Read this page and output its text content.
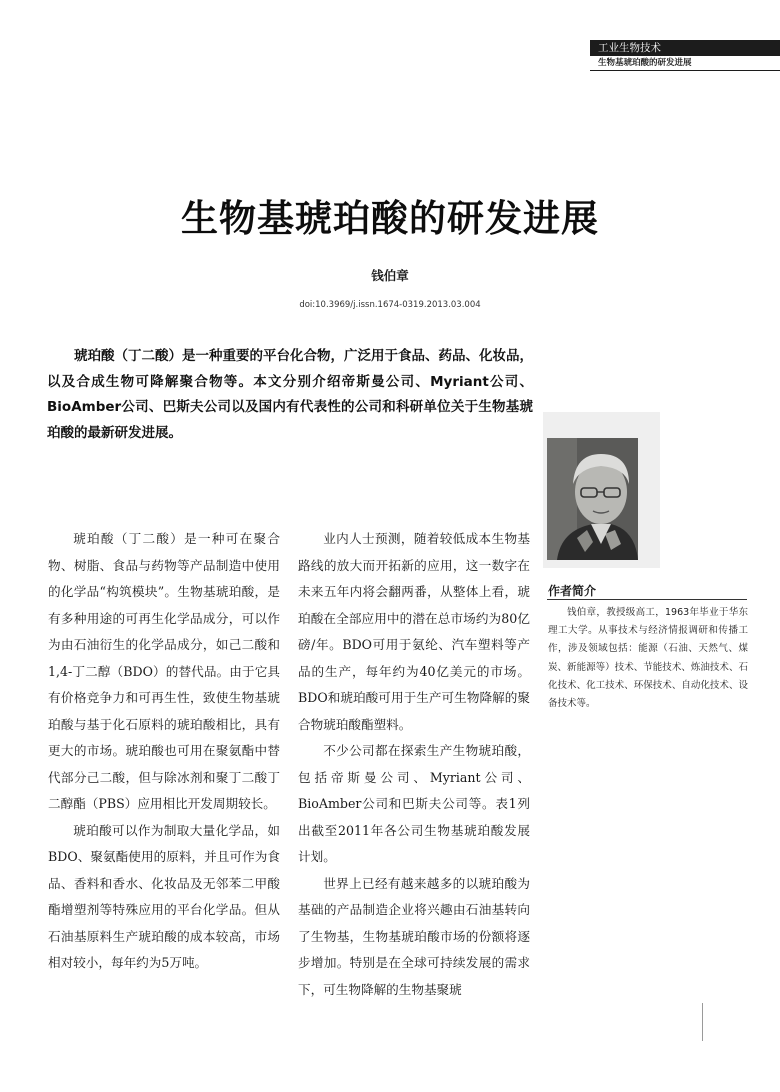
工业生物技术
生物基琥珀酸的研发进展
生物基琥珀酸的研发进展
钱伯章
doi:10.3969/j.issn.1674-0319.2013.03.004

琥珀酸（丁二酸）是一种重要的平台化合物，广泛用于食品、药品、化妆品，以及合成生物可降解聚合物等。本文分别介绍帝斯曼公司、Myriant公司、BioAmber公司、巴斯夫公司以及国内有代表性的公司和科研单位关于生物基琥珀酸的最新研发进展。

琥珀酸（丁二酸）是一种可在聚合物、树脂、食品与药物等产品制造中使用的化学品“构筑模块”。生物基琥珀酸，是有多种用途的可再生化学品成分，可以作为由石油衍生的化学品成分，如己二酸和1,4-丁二醇（BDO）的替代品。由于它具有价格竞争力和可再生性，致使生物基琥珀酸与基于化石原料的琥珀酸相比，具有更大的市场。琥珀酸也可用在聚氨酯中替代部分己二酸，但与除冰剂和聚丁二酸丁二醇酯（PBS）应用相比开发周期较长。

琥珀酸可以作为制取大量化学品，如BDO、聚氨酯使用的原料，并且可作为食品、香料和香水、化妆品及无邻苯二甲酸酯增塑剂等特殊应用的平台化学品。但从石油基原料生产琥珀酸的成本较高，市场相对较小，每年约为5万吨。

业内人士预测，随着较低成本生物基路线的放大而开拓新的应用，这一数字在未来五年内将会翻两番，从整体上看，琥珀酸在全部应用中的潜在总市场约为80亿磅/年。BDO可用于氨纶、汽车塑料等产品的生产，每年约为40亿美元的市场。BDO和琥珀酸可用于生产可生物降解的聚合物琥珀酸酯塑料。

不少公司都在探索生产生物琥珀酸，包括帝斯曼公司、Myriant公司、BioAmber公司和巴斯夫公司等。表1列出截至2011年各公司生物基琥珀酸发展计划。

世界上已经有越来越多的以琥珀酸为基础的产品制造企业将兴趣由石油基转向了生物基，生物基琥珀酸市场的份额将逐步增加。特别是在全球可持续发展的需求下，可生物降解的生物基聚琥

作者简介

钱伯章，教授级高工，1963年毕业于华东理工大学。从事技术与经济情报调研和传播工作，涉及领域包括：能源（石油、天然气、煤炭、新能源等）技术、节能技术、炼油技术、石化技术、化工技术、环保技术、自动化技术、设备技术等。
